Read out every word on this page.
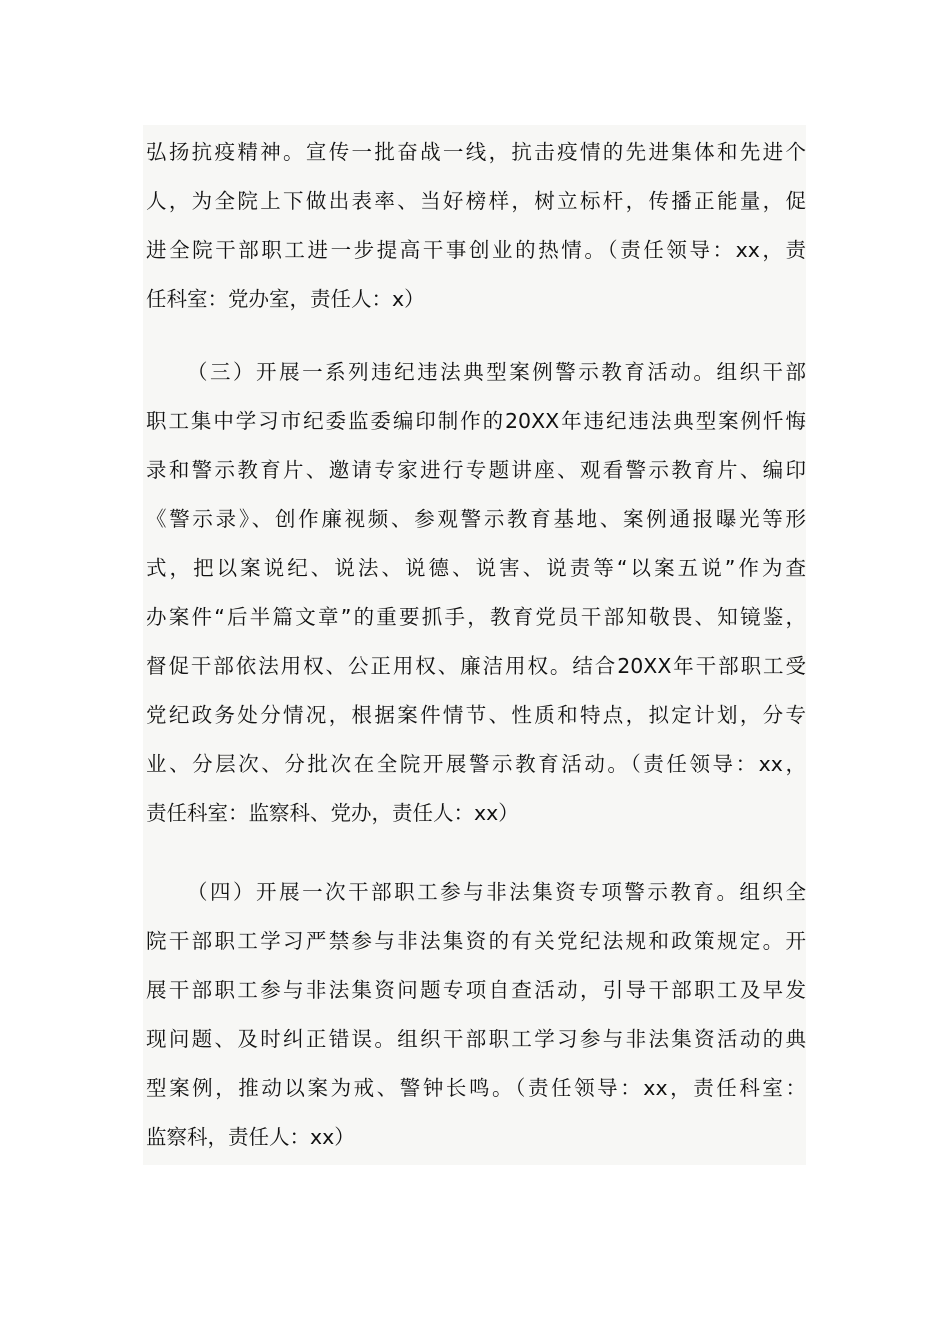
弘扬抗疫精神。宣传一批奋战一线，抗击疫情的先进集体和先进个
人，为全院上下做出表率、当好榜样，树立标杆，传播正能量，促
进全院干部职工进一步提高干事创业的热情。（责任领导：xx，责
任科室：党办室，责任人：x）
（三）开展一系列违纪违法典型案例警示教育活动。组织干部
职工集中学习市纪委监委编印制作的20XX年违纪违法典型案例忏悔
录和警示教育片、邀请专家进行专题讲座、观看警示教育片、编印
《警示录》、创作廉视频、参观警示教育基地、案例通报曝光等形
式，把以案说纪、说法、说德、说害、说责等“以案五说”作为查
办案件“后半篇文章”的重要抓手，教育党员干部知敬畏、知镜鉴，
督促干部依法用权、公正用权、廉洁用权。结合20XX年干部职工受
党纪政务处分情况，根据案件情节、性质和特点，拟定计划，分专
业、分层次、分批次在全院开展警示教育活动。（责任领导：xx，
责任科室：监察科、党办，责任人：xx）
（四）开展一次干部职工参与非法集资专项警示教育。组织全
院干部职工学习严禁参与非法集资的有关党纪法规和政策规定。开
展干部职工参与非法集资问题专项自查活动，引导干部职工及早发
现问题、及时纠正错误。组织干部职工学习参与非法集资活动的典
型案例，推动以案为戒、警钟长鸣。（责任领导：xx，责任科室：
监察科，责任人：xx）
